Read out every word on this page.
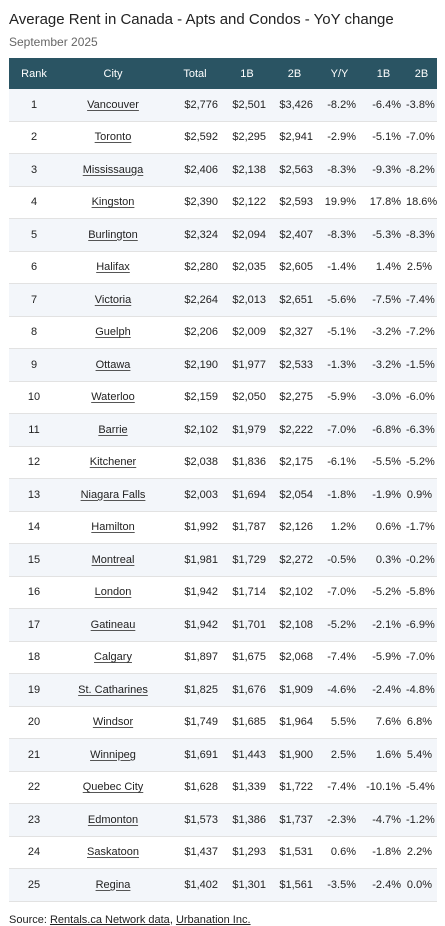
Average Rent in Canada - Apts and Condos - YoY change
September 2025
Rank	City	Total	1B	2B	Y/Y	1B	2B
1	Vancouver	$2,776	$2,501	$3,426	-8.2%	-6.4%	-3.8%
2	Toronto	$2,592	$2,295	$2,941	-2.9%	-5.1%	-7.0%
3	Mississauga	$2,406	$2,138	$2,563	-8.3%	-9.3%	-8.2%
4	Kingston	$2,390	$2,122	$2,593	19.9%	17.8%	18.6%
5	Burlington	$2,324	$2,094	$2,407	-8.3%	-5.3%	-8.3%
6	Halifax	$2,280	$2,035	$2,605	-1.4%	1.4%	2.5%
7	Victoria	$2,264	$2,013	$2,651	-5.6%	-7.5%	-7.4%
8	Guelph	$2,206	$2,009	$2,327	-5.1%	-3.2%	-7.2%
9	Ottawa	$2,190	$1,977	$2,533	-1.3%	-3.2%	-1.5%
10	Waterloo	$2,159	$2,050	$2,275	-5.9%	-3.0%	-6.0%
11	Barrie	$2,102	$1,979	$2,222	-7.0%	-6.8%	-6.3%
12	Kitchener	$2,038	$1,836	$2,175	-6.1%	-5.5%	-5.2%
13	Niagara Falls	$2,003	$1,694	$2,054	-1.8%	-1.9%	0.9%
14	Hamilton	$1,992	$1,787	$2,126	1.2%	0.6%	-1.7%
15	Montreal	$1,981	$1,729	$2,272	-0.5%	0.3%	-0.2%
16	London	$1,942	$1,714	$2,102	-7.0%	-5.2%	-5.8%
17	Gatineau	$1,942	$1,701	$2,108	-5.2%	-2.1%	-6.9%
18	Calgary	$1,897	$1,675	$2,068	-7.4%	-5.9%	-7.0%
19	St. Catharines	$1,825	$1,676	$1,909	-4.6%	-2.4%	-4.8%
20	Windsor	$1,749	$1,685	$1,964	5.5%	7.6%	6.8%
21	Winnipeg	$1,691	$1,443	$1,900	2.5%	1.6%	5.4%
22	Quebec City	$1,628	$1,339	$1,722	-7.4%	-10.1%	-5.4%
23	Edmonton	$1,573	$1,386	$1,737	-2.3%	-4.7%	-1.2%
24	Saskatoon	$1,437	$1,293	$1,531	0.6%	-1.8%	2.2%
25	Regina	$1,402	$1,301	$1,561	-3.5%	-2.4%	0.0%
Source: Rentals.ca Network data, Urbanation Inc.
